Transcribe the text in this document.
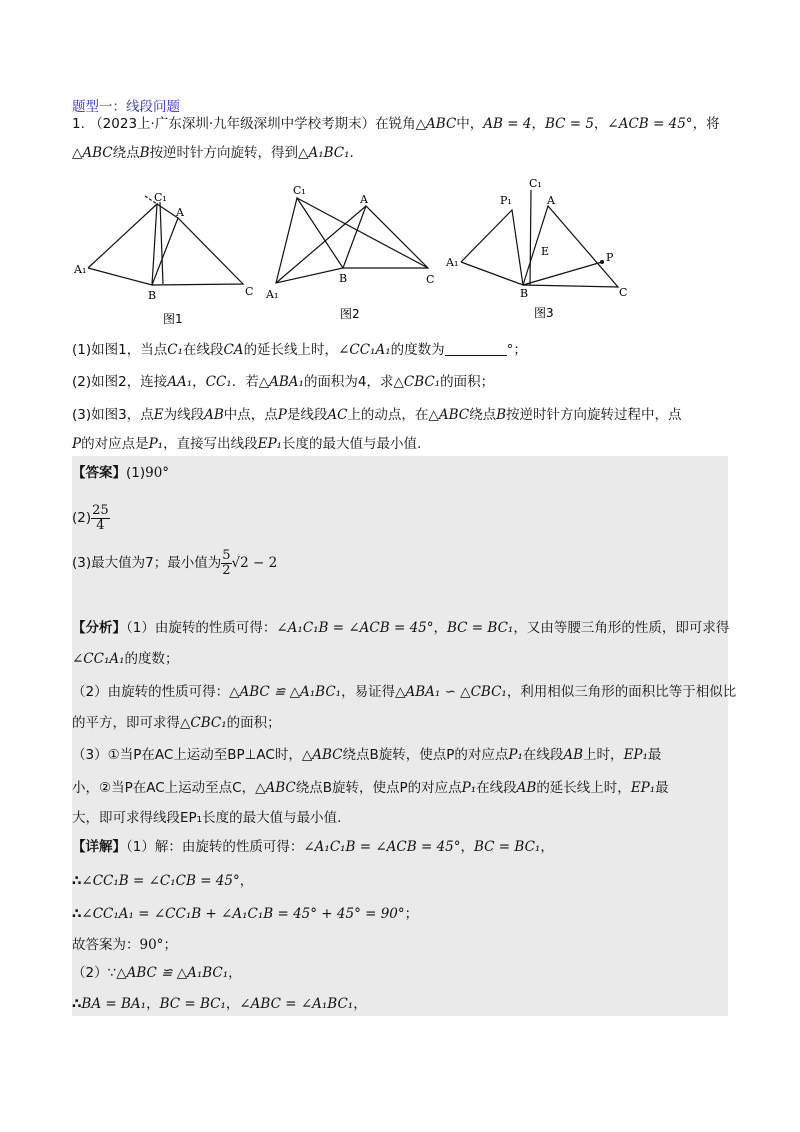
题型一：线段问题
1. （2023上·广东深圳·九年级深圳中学校考期末）在锐角△ABC中，AB = 4，BC = 5，∠ACB = 45°，将
△ABC绕点B按逆时针方向旋转，得到△A₁BC₁.
C₁
A
A₁
B	C
图1
C₁
A
A₁
B	C
图2
C₁
P₁	A
E
A₁	P
B	C
图3
(1)如图1，当点C₁在线段CA的延长线上时，∠CC₁A₁的度数为	°；
(2)如图2，连接AA₁，CC₁．若△ABA₁的面积为4，求△CBC₁的面积；
(3)如图3，点E为线段AB中点，点P是线段AC上的动点，在△ABC绕点B按逆时针方向旋转过程中，点
P的对应点是P₁，直接写出线段EP₁长度的最大值与最小值.
【答案】(1)90°
$(2) \frac{25}{4}$
(3)最大值为7；最小值为 $\frac{5}{2} √2 - 2$
【分析】（1）由旋转的性质可得：∠A₁C₁B = ∠ACB = 45°，BC = BC₁，又由等腰三角形的性质，即可求得
∠CC₁A₁的度数；
（2）由旋转的性质可得：△ABC ≌ △A₁BC₁，易证得△ABA₁ ∽ △CBC₁，利用相似三角形的面积比等于相似比
的平方，即可求得△CBC₁的面积；
（3）①当P在AC上运动至BP⊥AC时，△ABC绕点B旋转，使点P的对应点P₁在线段AB上时，EP₁最
小，②当P在AC上运动至点C，△ABC绕点B旋转，使点P的对应点P₁在线段AB的延长线上时，EP₁最
大，即可求得线段EP₁长度的最大值与最小值.
【详解】（1）解：由旋转的性质可得：∠A₁C₁B = ∠ACB = 45°，BC = BC₁，
∴∠CC₁B = ∠C₁CB = 45°，
∴∠CC₁A₁ = ∠CC₁B + ∠A₁C₁B = 45° + 45° = 90°；
故答案为：90°；
（2）∵△ABC ≌ △A₁BC₁，
∴BA = BA₁，BC = BC₁，∠ABC = ∠A₁BC₁，
